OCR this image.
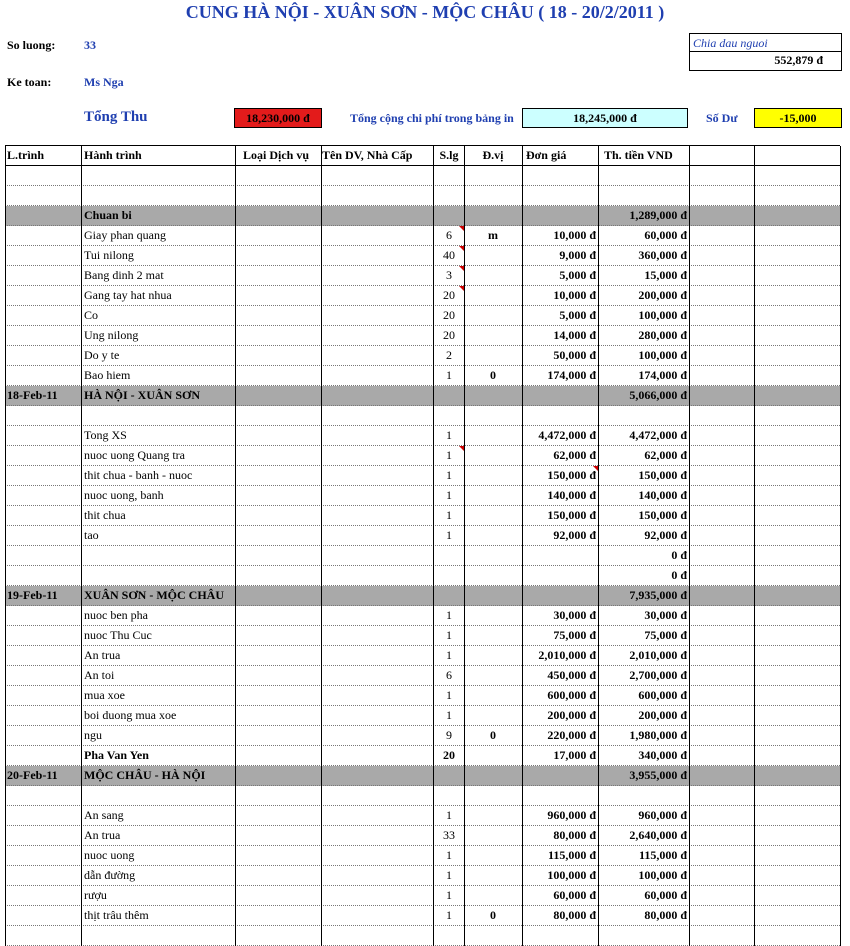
CUNG HÀ NỘI - XUÂN SƠN - MỘC CHÂU ( 18 - 20/2/2011 )
So luong: 33
Ke toan:	Ms Nga
Chia dau nguoi
552,879 đ
Tổng Thu	18,230,000 đ	Tổng cộng chi phí trong bảng in	18,245,000 đ	Số Dư	-15,000
L.trình	Hành trình	Loại Dịch vụ	Tên DV, Nhà Cấp	S.lg	Đ.vị	Đơn giá	Th. tiền VND
Chuan bi	1,289,000 đ
Giay phan quang	6	m	10,000 đ	60,000 đ
Tui nilong	40	9,000 đ	360,000 đ
Bang dinh 2 mat	3	5,000 đ	15,000 đ
Gang tay hat nhua	20	10,000 đ	200,000 đ
Co	20	5,000 đ	100,000 đ
Ung nilong	20	14,000 đ	280,000 đ
Do y te	2	50,000 đ	100,000 đ
Bao hiem	1	0	174,000 đ	174,000 đ
18-Feb-11	HÀ NỘI - XUÂN SƠN	5,066,000 đ
Tong XS	1	4,472,000 đ	4,472,000 đ
nuoc uong Quang tra	1	62,000 đ	62,000 đ
thit chua - banh - nuoc	1	150,000 đ	150,000 đ
nuoc uong, banh	1	140,000 đ	140,000 đ
thit chua	1	150,000 đ	150,000 đ
tao	1	92,000 đ	92,000 đ
0 đ
0 đ
19-Feb-11	XUÂN SƠN - MỘC CHÂU	7,935,000 đ
nuoc ben pha	1	30,000 đ	30,000 đ
nuoc Thu Cuc	1	75,000 đ	75,000 đ
An trua	1	2,010,000 đ	2,010,000 đ
An toi	6	450,000 đ	2,700,000 đ
mua xoe	1	600,000 đ	600,000 đ
boi duong mua xoe	1	200,000 đ	200,000 đ
ngu	9	0	220,000 đ	1,980,000 đ
Pha Van Yen	20	17,000 đ	340,000 đ
20-Feb-11	MỘC CHÂU - HÀ NỘI	3,955,000 đ
An sang	1	960,000 đ	960,000 đ
An trua	33	80,000 đ	2,640,000 đ
nuoc uong	1	115,000 đ	115,000 đ
dẫn đường	1	100,000 đ	100,000 đ
rượu	1	60,000 đ	60,000 đ
thịt trâu thêm	1	0	80,000 đ	80,000 đ
